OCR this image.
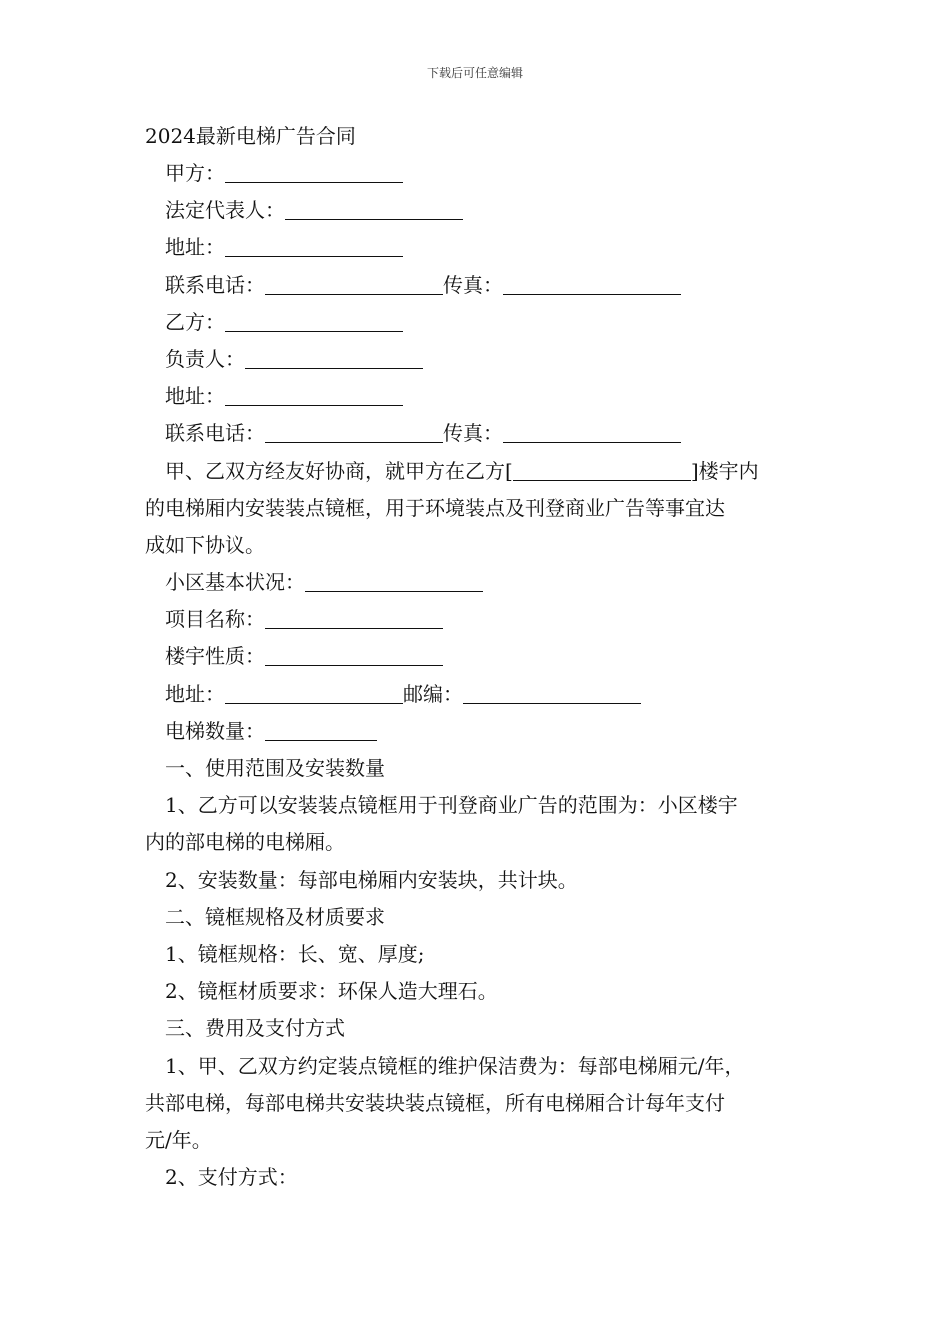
下载后可任意编辑
2024最新电梯广告合同
甲方：
法定代表人：
地址：
联系电话：	传真：
乙方：
负责人：
地址：
联系电话：	传真：
甲、乙双方经友好协商，就甲方在乙方[	]楼宇内
的电梯厢内安装装点镜框，用于环境装点及刊登商业广告等事宜达
成如下协议。
小区基本状况：
项目名称：
楼宇性质：
地址：	邮编：
电梯数量：
一、使用范围及安装数量
1、乙方可以安装装点镜框用于刊登商业广告的范围为：小区楼宇
内的部电梯的电梯厢。
2、安装数量：每部电梯厢内安装块，共计块。
二、镜框规格及材质要求
1、镜框规格：长、宽、厚度;
2、镜框材质要求：环保人造大理石。
三、费用及支付方式
1、甲、乙双方约定装点镜框的维护保洁费为：每部电梯厢元/年，
共部电梯，每部电梯共安装块装点镜框，所有电梯厢合计每年支付
元/年。
2、支付方式：
